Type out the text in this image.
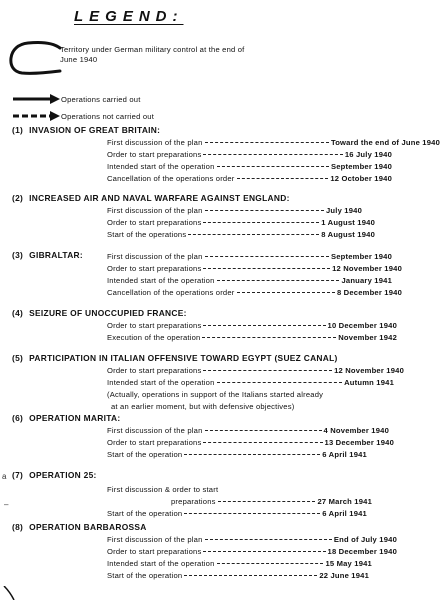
LEGEND:
Territory under German military control at the end of June 1940
Operations carried out
Operations not carried out
(1) INVASION OF GREAT BRITAIN:
First discussion of the plan	Toward the end of June 1940
Order to start preparations	16 July 1940
Intended start of the operation	September 1940
Cancellation of the operations order	12 October 1940
(2) INCREASED AIR AND NAVAL WARFARE AGAINST ENGLAND:
First discussion of the plan	July 1940
Order to start preparations	1 August 1940
Start of the operations	8 August 1940
(3) GIBRALTAR:	First discussion of the plan	September 1940
Order to start preparations	12 November 1940
Intended start of the operation	January 1941
Cancellation of the operations order	8 December 1940
(4) SEIZURE OF UNOCCUPIED FRANCE:
Order to start preparations	10 December 1940
Execution of the operation	November 1942
(5) PARTICIPATION IN ITALIAN OFFENSIVE TOWARD EGYPT (SUEZ CANAL)
Order to start preparations	12 November 1940
Intended start of the operation	Autumn 1941
(Actually, operations in support of the Italians started already
at an earlier moment, but with defensive objectives)
(6) OPERATION MARITA:
First discussion of the plan	4 November 1940
Order to start preparations	13 December 1940
Start of the operation	6 April 1941
a
–
(7) OPERATION 25:
First discussion & order to start
preparations	27 March 1941
Start of the operation	6 April 1941
(8) OPERATION BARBAROSSA
First discussion of the plan	End of July 1940
Order to start preparations	18 December 1940
Intended start of the operation	15 May 1941
Start of the operation	22 June 1941
